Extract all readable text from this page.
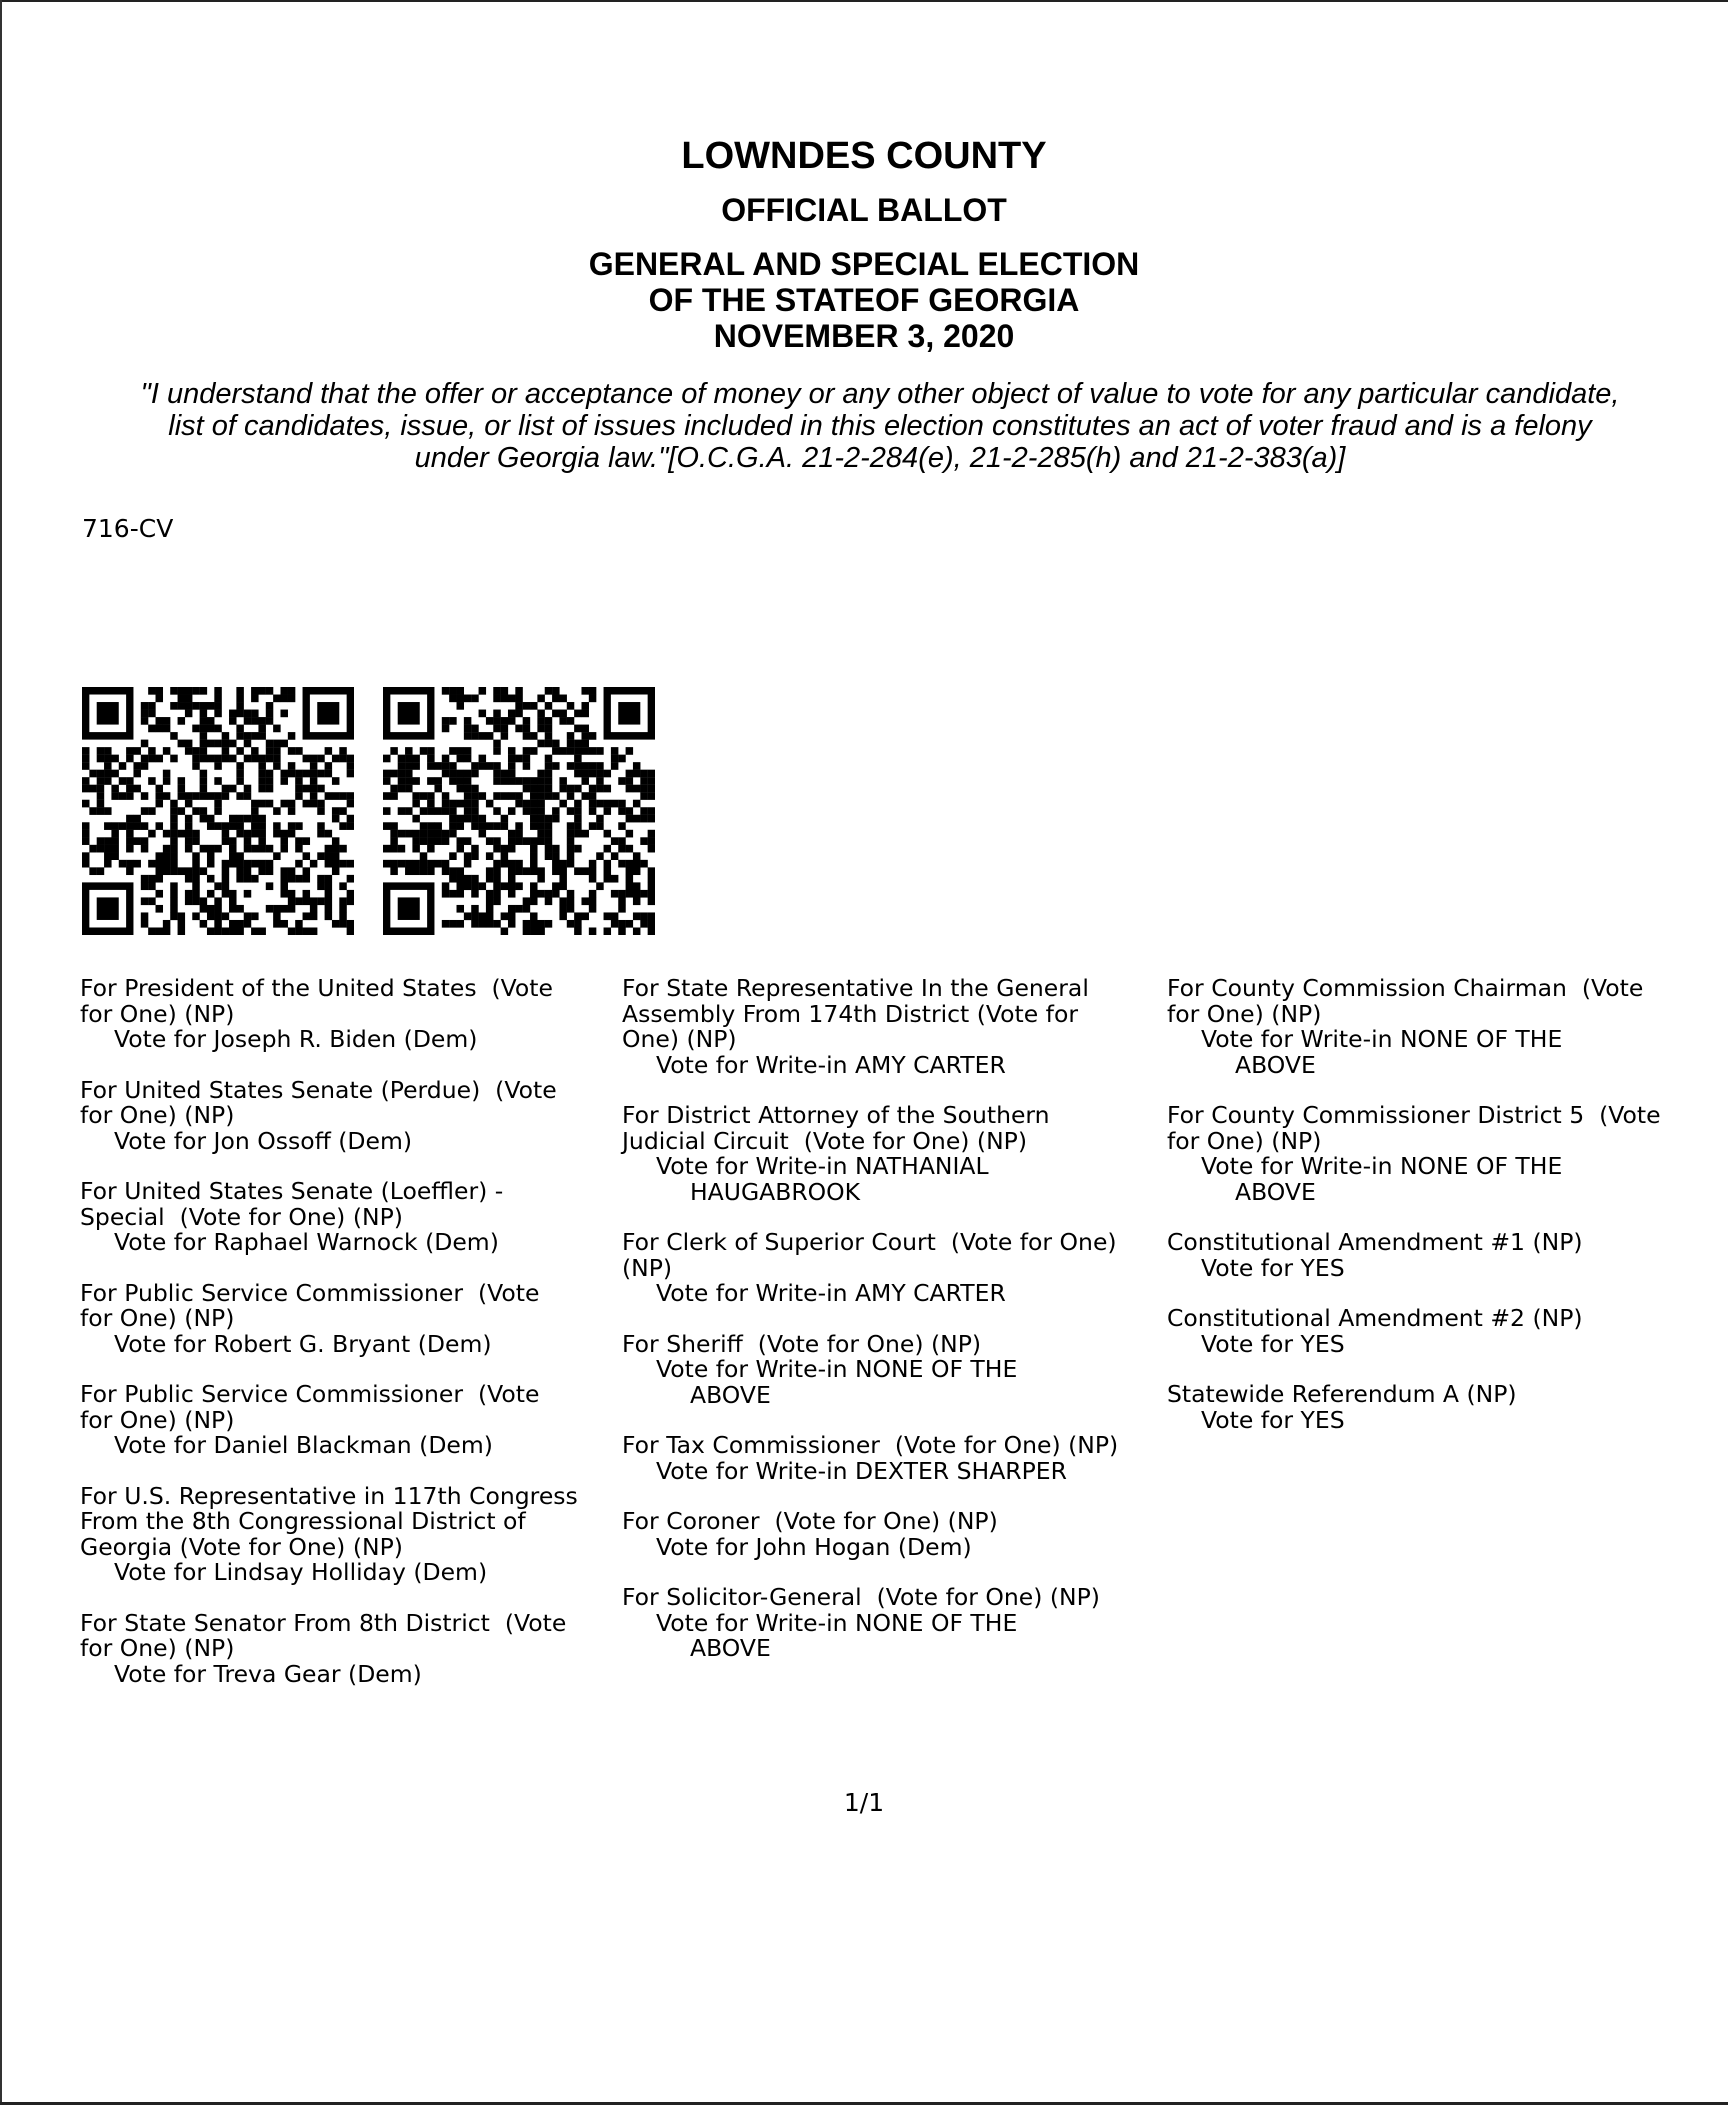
LOWNDES COUNTY
OFFICIAL BALLOT
GENERAL AND SPECIAL ELECTION
OF THE STATEOF GEORGIA
NOVEMBER 3, 2020
"I understand that the offer or acceptance of money or any other object of value to vote for any particular candidate,
list of candidates, issue, or list of issues included in this election constitutes an act of voter fraud and is a felony
under Georgia law."[O.C.G.A. 21-2-284(e), 21-2-285(h) and 21-2-383(a)]
716-CV
For President of the United States  (Vote
for One) (NP)
Vote for Joseph R. Biden (Dem)
For United States Senate (Perdue)  (Vote
for One) (NP)
Vote for Jon Ossoff (Dem)
For United States Senate (Loeffler) -
Special  (Vote for One) (NP)
Vote for Raphael Warnock (Dem)
For Public Service Commissioner  (Vote
for One) (NP)
Vote for Robert G. Bryant (Dem)
For Public Service Commissioner  (Vote
for One) (NP)
Vote for Daniel Blackman (Dem)
For U.S. Representative in 117th Congress
From the 8th Congressional District of
Georgia (Vote for One) (NP)
Vote for Lindsay Holliday (Dem)
For State Senator From 8th District  (Vote
for One) (NP)
Vote for Treva Gear (Dem)
For State Representative In the General
Assembly From 174th District (Vote for
One) (NP)
Vote for Write-in AMY CARTER
For District Attorney of the Southern
Judicial Circuit  (Vote for One) (NP)
Vote for Write-in NATHANIAL
HAUGABROOK
For Clerk of Superior Court  (Vote for One)
(NP)
Vote for Write-in AMY CARTER
For Sheriff  (Vote for One) (NP)
Vote for Write-in NONE OF THE
ABOVE
For Tax Commissioner  (Vote for One) (NP)
Vote for Write-in DEXTER SHARPER
For Coroner  (Vote for One) (NP)
Vote for John Hogan (Dem)
For Solicitor-General  (Vote for One) (NP)
Vote for Write-in NONE OF THE
ABOVE
For County Commission Chairman  (Vote
for One) (NP)
Vote for Write-in NONE OF THE
ABOVE
For County Commissioner District 5  (Vote
for One) (NP)
Vote for Write-in NONE OF THE
ABOVE
Constitutional Amendment #1 (NP)
Vote for YES
Constitutional Amendment #2 (NP)
Vote for YES
Statewide Referendum A (NP)
Vote for YES
1/1
